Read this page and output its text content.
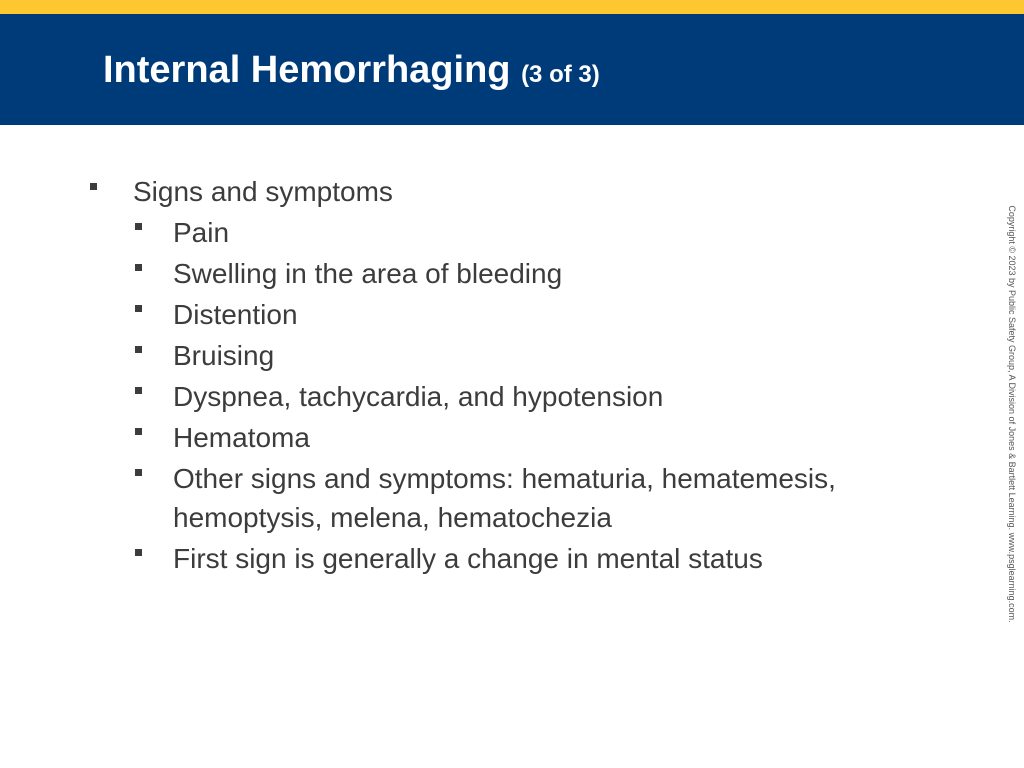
Internal Hemorrhaging (3 of 3)
Signs and symptoms
Pain
Swelling in the area of bleeding
Distention
Bruising
Dyspnea, tachycardia, and hypotension
Hematoma
Other signs and symptoms: hematuria, hematemesis, hemoptysis, melena, hematochezia
First sign is generally a change in mental status	Copyright © 2023 by Public Safety Group, A Division of Jones & Bartlett Learning. www.psglearning.com.
